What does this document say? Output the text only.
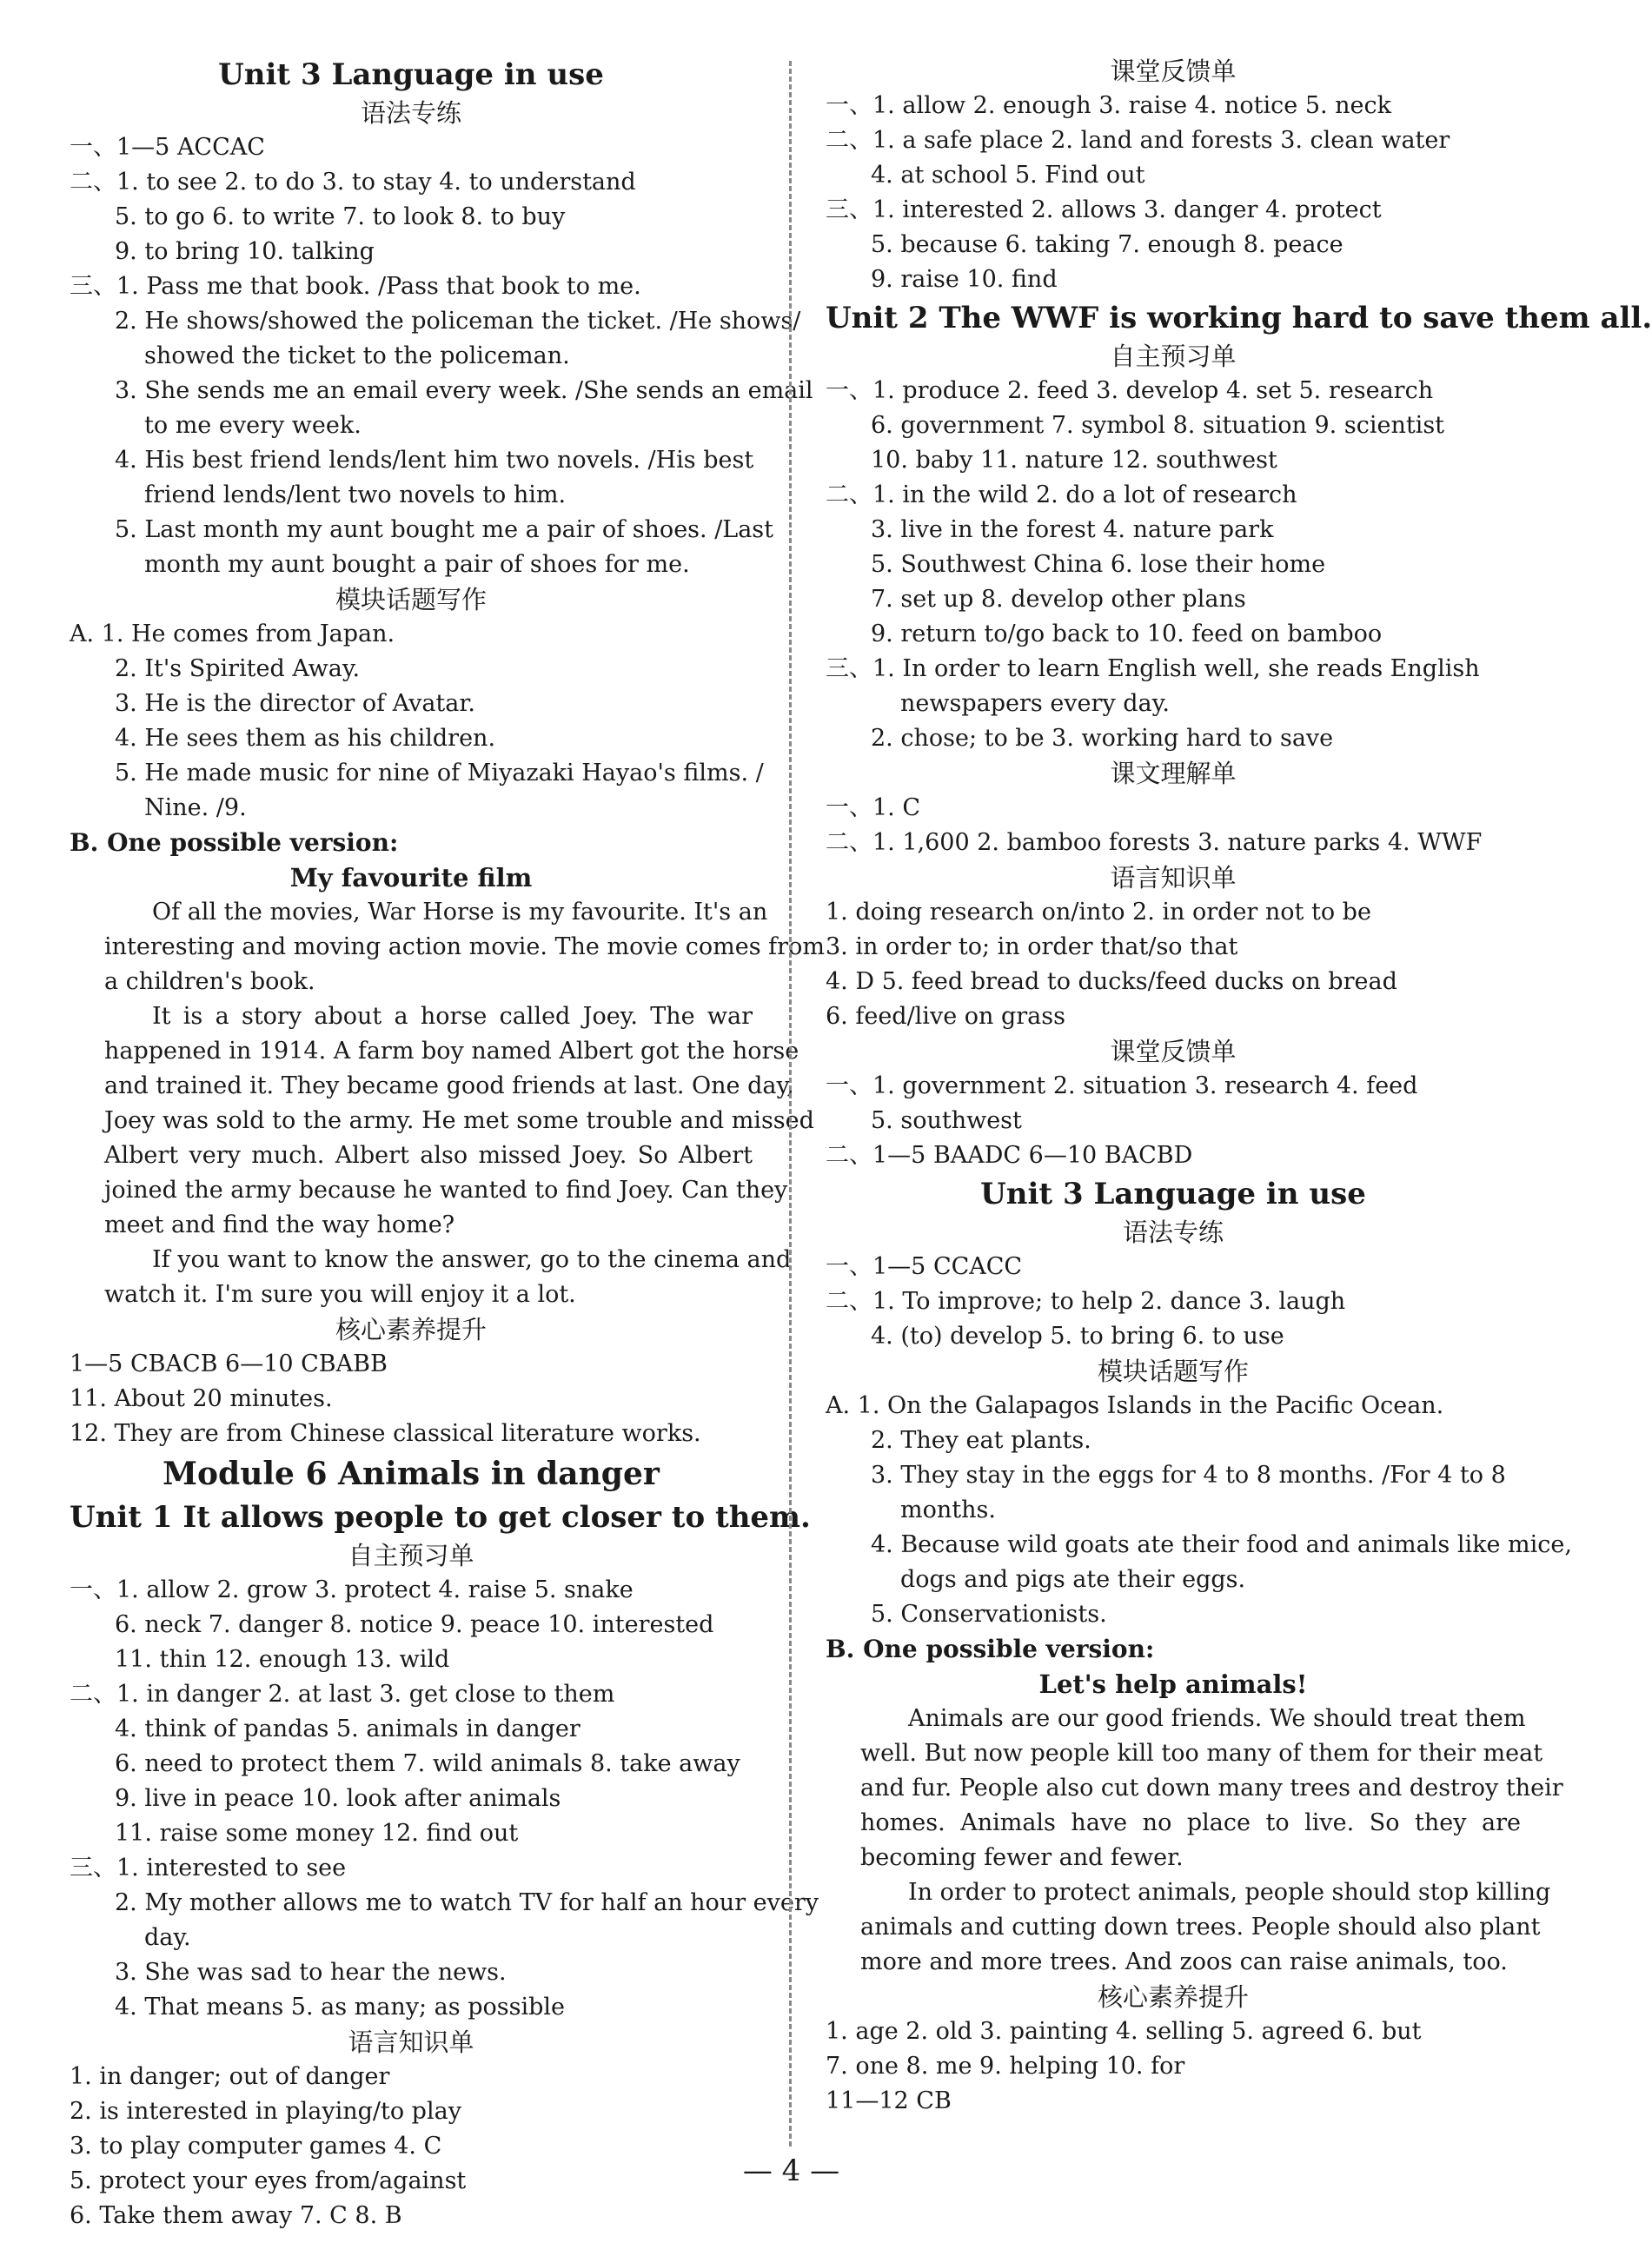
Unit 3 Language in use
语法专练
一、1—5 ACCAC
二、1. to see 2. to do 3. to stay 4. to understand
5. to go 6. to write 7. to look 8. to buy
9. to bring 10. talking
三、1. Pass me that book. /Pass that book to me.
2. He shows/showed the policeman the ticket. /He shows/
showed the ticket to the policeman.
3. She sends me an email every week. /She sends an email
to me every week.
4. His best friend lends/lent him two novels. /His best
friend lends/lent two novels to him.
5. Last month my aunt bought me a pair of shoes. /Last
month my aunt bought a pair of shoes for me.
模块话题写作
A. 1. He comes from Japan.
2. It's Spirited Away.
3. He is the director of Avatar.
4. He sees them as his children.
5. He made music for nine of Miyazaki Hayao's films. /
Nine. /9.
B. One possible version:
My favourite film
Of all the movies, War Horse is my favourite. It's an
interesting and moving action movie. The movie comes from
a children's book.
It is a story about a horse called Joey. The war
happened in 1914. A farm boy named Albert got the horse
and trained it. They became good friends at last. One day,
Joey was sold to the army. He met some trouble and missed
Albert very much. Albert also missed Joey. So Albert
joined the army because he wanted to find Joey. Can they
meet and find the way home?
If you want to know the answer, go to the cinema and
watch it. I'm sure you will enjoy it a lot.
核心素养提升
1—5 CBACB 6—10 CBABB
11. About 20 minutes.
12. They are from Chinese classical literature works.
Module 6 Animals in danger
Unit 1 It allows people to get closer to them.
自主预习单
一、1. allow 2. grow 3. protect 4. raise 5. snake
6. neck 7. danger 8. notice 9. peace 10. interested
11. thin 12. enough 13. wild
二、1. in danger 2. at last 3. get close to them
4. think of pandas 5. animals in danger
6. need to protect them 7. wild animals 8. take away
9. live in peace 10. look after animals
11. raise some money 12. find out
三、1. interested to see
2. My mother allows me to watch TV for half an hour every
day.
3. She was sad to hear the news.
4. That means 5. as many; as possible
语言知识单
1. in danger; out of danger
2. is interested in playing/to play
3. to play computer games 4. C
5. protect your eyes from/against
6. Take them away 7. C 8. B
课堂反馈单
一、1. allow 2. enough 3. raise 4. notice 5. neck
二、1. a safe place 2. land and forests 3. clean water
4. at school 5. Find out
三、1. interested 2. allows 3. danger 4. protect
5. because 6. taking 7. enough 8. peace
9. raise 10. find
Unit 2 The WWF is working hard to save them all.
自主预习单
一、1. produce 2. feed 3. develop 4. set 5. research
6. government 7. symbol 8. situation 9. scientist
10. baby 11. nature 12. southwest
二、1. in the wild 2. do a lot of research
3. live in the forest 4. nature park
5. Southwest China 6. lose their home
7. set up 8. develop other plans
9. return to/go back to 10. feed on bamboo
三、1. In order to learn English well, she reads English
newspapers every day.
2. chose; to be 3. working hard to save
课文理解单
一、1. C
二、1. 1,600 2. bamboo forests 3. nature parks 4. WWF
语言知识单
1. doing research on/into 2. in order not to be
3. in order to; in order that/so that
4. D 5. feed bread to ducks/feed ducks on bread
6. feed/live on grass
课堂反馈单
一、1. government 2. situation 3. research 4. feed
5. southwest
二、1—5 BAADC 6—10 BACBD
Unit 3 Language in use
语法专练
一、1—5 CCACC
二、1. To improve; to help 2. dance 3. laugh
4. (to) develop 5. to bring 6. to use
模块话题写作
A. 1. On the Galapagos Islands in the Pacific Ocean.
2. They eat plants.
3. They stay in the eggs for 4 to 8 months. /For 4 to 8
months.
4. Because wild goats ate their food and animals like mice,
dogs and pigs ate their eggs.
5. Conservationists.
B. One possible version:
Let's help animals!
Animals are our good friends. We should treat them
well. But now people kill too many of them for their meat
and fur. People also cut down many trees and destroy their
homes. Animals have no place to live. So they are
becoming fewer and fewer.
In order to protect animals, people should stop killing
animals and cutting down trees. People should also plant
more and more trees. And zoos can raise animals, too.
核心素养提升
1. age 2. old 3. painting 4. selling 5. agreed 6. but
7. one 8. me 9. helping 10. for
11—12 CB
— 4 —
